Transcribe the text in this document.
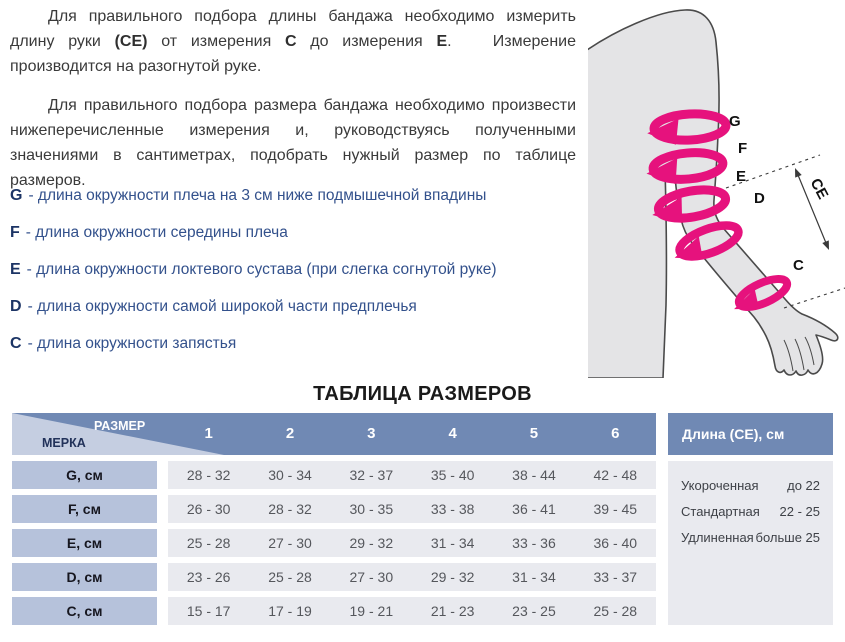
Для правильного подбора длины бандажа необходимо измерить длину руки (СЕ) от измерения С до измерения Е.   Измерение производится на разогнутой руке.

Для правильного подбора размера бандажа необходимо произвести нижеперечисленные измерения и, руководствуясь полученными значениями в сантиметрах, подобрать нужный размер по таблице размеров.

G - длина окружности плеча на 3 см ниже подмышечной впадины
F - длина окружности середины плеча
E - длина окружности локтевого сустава (при слегка согнутой руке)
D - длина окружности самой широкой части предплечья
C - длина окружности запястья
СЕ
G
F
E
D
C
ТАБЛИЦА РАЗМЕРОВ
РАЗМЕР
МЕРКА
1	2	3	4	5	6
G, см	28 - 32	30 - 34	32 - 37	35 - 40	38 - 44	42 - 48
F, см	26 - 30	28 - 32	30 - 35	33 - 38	36 - 41	39 - 45
E, см	25 - 28	27 - 30	29 - 32	31 - 34	33 - 36	36 - 40
D, см	23 - 26	25 - 28	27 - 30	29 - 32	31 - 34	33 - 37
C, см	15 - 17	17 - 19	19 - 21	21 - 23	23 - 25	25 - 28
Длина (СЕ), см
Укороченная до 22
Стандартная 22 - 25
Удлиненная больше 25
